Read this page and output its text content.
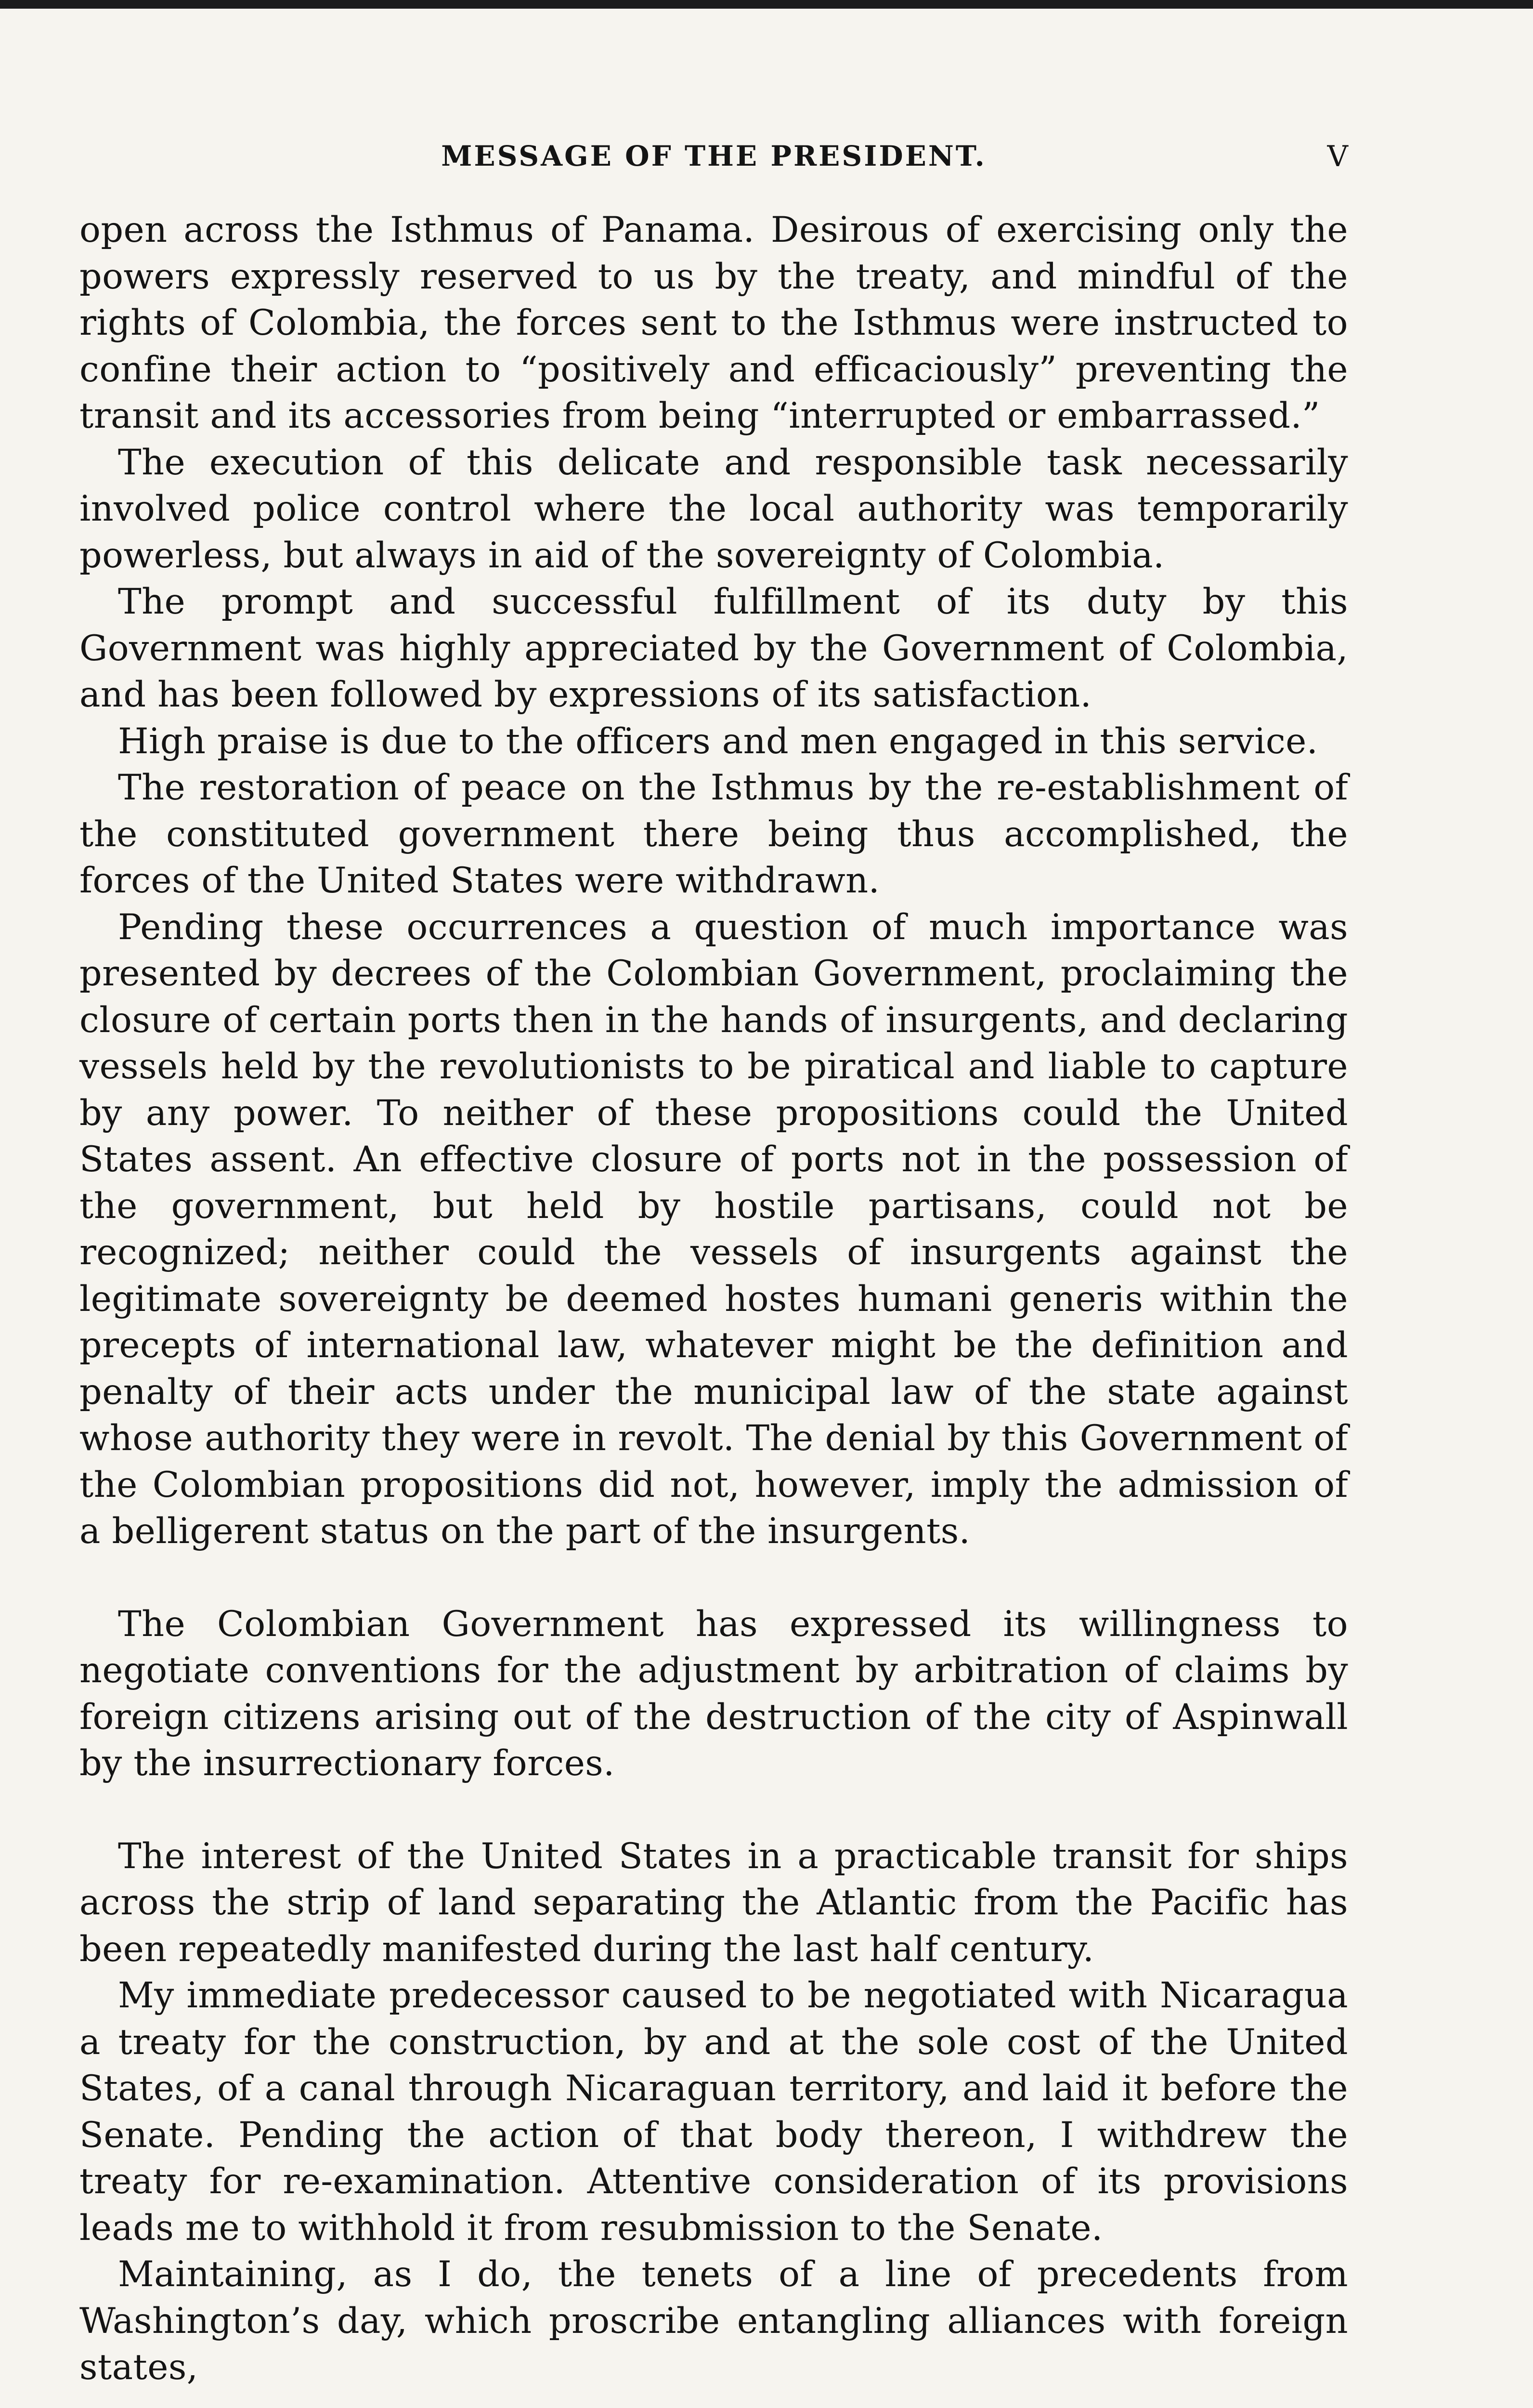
MESSAGE OF THE PRESIDENT.	V

open across the Isthmus of Panama. Desirous of exercising only the powers expressly reserved to us by the treaty, and mindful of the rights of Colombia, the forces sent to the Isthmus were instructed to confine their action to “positively and efficaciously” preventing the transit and its accessories from being “interrupted or embarrassed.”

The execution of this delicate and responsible task necessarily involved police control where the local authority was temporarily powerless, but always in aid of the sovereignty of Colombia.

The prompt and successful fulfillment of its duty by this Government was highly appreciated by the Government of Colombia, and has been followed by expressions of its satisfaction.

High praise is due to the officers and men engaged in this service.

The restoration of peace on the Isthmus by the re-establishment of the constituted government there being thus accomplished, the forces of the United States were withdrawn.

Pending these occurrences a question of much importance was presented by decrees of the Colombian Government, proclaiming the closure of certain ports then in the hands of insurgents, and declaring vessels held by the revolutionists to be piratical and liable to capture by any power. To neither of these propositions could the United States assent. An effective closure of ports not in the possession of the government, but held by hostile partisans, could not be recognized; neither could the vessels of insurgents against the legitimate sovereignty be deemed hostes humani generis within the precepts of international law, whatever might be the definition and penalty of their acts under the municipal law of the state against whose authority they were in revolt. The denial by this Government of the Colombian propositions did not, however, imply the admission of a belligerent status on the part of the insurgents.

The Colombian Government has expressed its willingness to negotiate conventions for the adjustment by arbitration of claims by foreign citizens arising out of the destruction of the city of Aspinwall by the insurrectionary forces.

The interest of the United States in a practicable transit for ships across the strip of land separating the Atlantic from the Pacific has been repeatedly manifested during the last half century.

My immediate predecessor caused to be negotiated with Nicaragua a treaty for the construction, by and at the sole cost of the United States, of a canal through Nicaraguan territory, and laid it before the Senate. Pending the action of that body thereon, I withdrew the treaty for re-examination. Attentive consideration of its provisions leads me to withhold it from resubmission to the Senate.

Maintaining, as I do, the tenets of a line of precedents from Washington’s day, which proscribe entangling alliances with foreign states,
